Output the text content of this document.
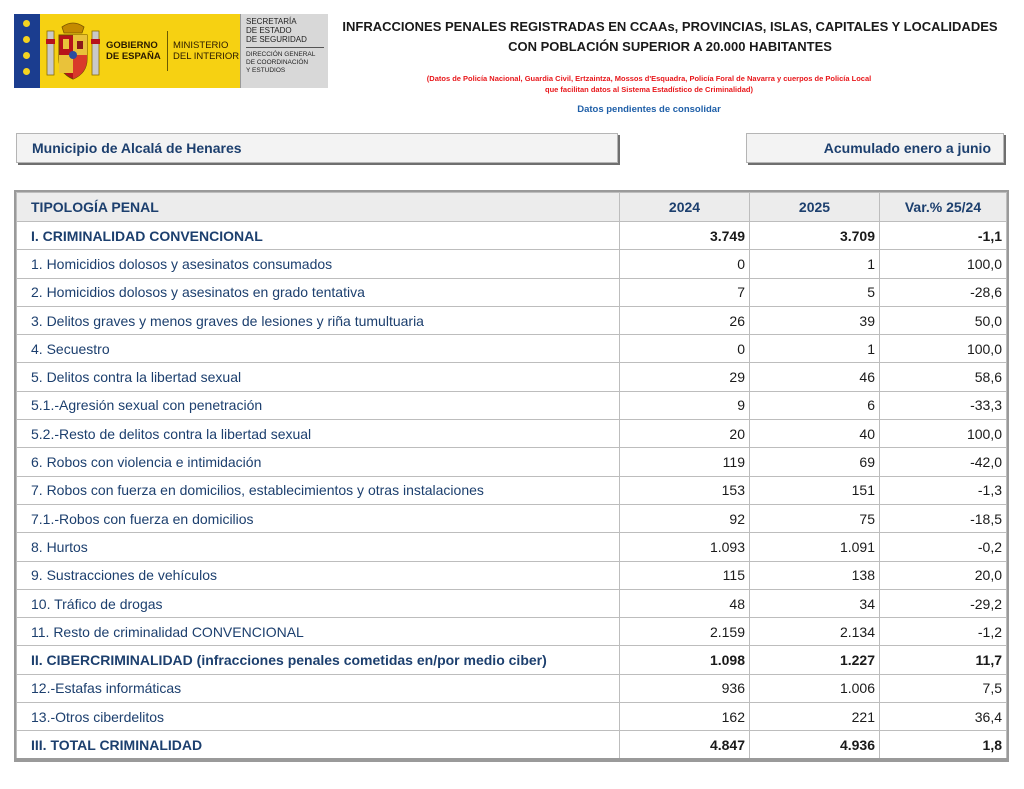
GOBIERNO
DE ESPAÑA
MINISTERIO
DEL INTERIOR
SECRETARÍA
DE ESTADO
DE SEGURIDAD
DIRECCIÓN GENERAL
DE COORDINACIÓN
Y ESTUDIOS
INFRACCIONES PENALES REGISTRADAS EN CCAAs, PROVINCIAS, ISLAS, CAPITALES Y LOCALIDADES
CON POBLACIÓN SUPERIOR A 20.000 HABITANTES
(Datos de Policía Nacional, Guardia Civil, Ertzaintza, Mossos d'Esquadra, Policía Foral de Navarra y cuerpos de Policía Local
que facilitan datos al Sistema Estadístico de Criminalidad)
Datos pendientes de consolidar
Municipio de Alcalá de Henares	Acumulado enero a junio
TIPOLOGÍA PENAL	2024	2025	Var.% 25/24
I. CRIMINALIDAD CONVENCIONAL	3.749	3.709	-1,1
1. Homicidios dolosos y asesinatos consumados	0	1	100,0
2. Homicidios dolosos y asesinatos en grado tentativa	7	5	-28,6
3. Delitos graves y menos graves de lesiones y riña tumultuaria	26	39	50,0
4. Secuestro	0	1	100,0
5. Delitos contra la libertad sexual	29	46	58,6
5.1.-Agresión sexual con penetración	9	6	-33,3
5.2.-Resto de delitos contra la libertad sexual	20	40	100,0
6. Robos con violencia e intimidación	119	69	-42,0
7. Robos con fuerza en domicilios, establecimientos y otras instalaciones	153	151	-1,3
7.1.-Robos con fuerza en domicilios	92	75	-18,5
8. Hurtos	1.093	1.091	-0,2
9. Sustracciones de vehículos	115	138	20,0
10. Tráfico de drogas	48	34	-29,2
11. Resto de criminalidad CONVENCIONAL	2.159	2.134	-1,2
II. CIBERCRIMINALIDAD (infracciones penales cometidas en/por medio ciber)	1.098	1.227	11,7
12.-Estafas informáticas	936	1.006	7,5
13.-Otros ciberdelitos	162	221	36,4
III. TOTAL CRIMINALIDAD	4.847	4.936	1,8
